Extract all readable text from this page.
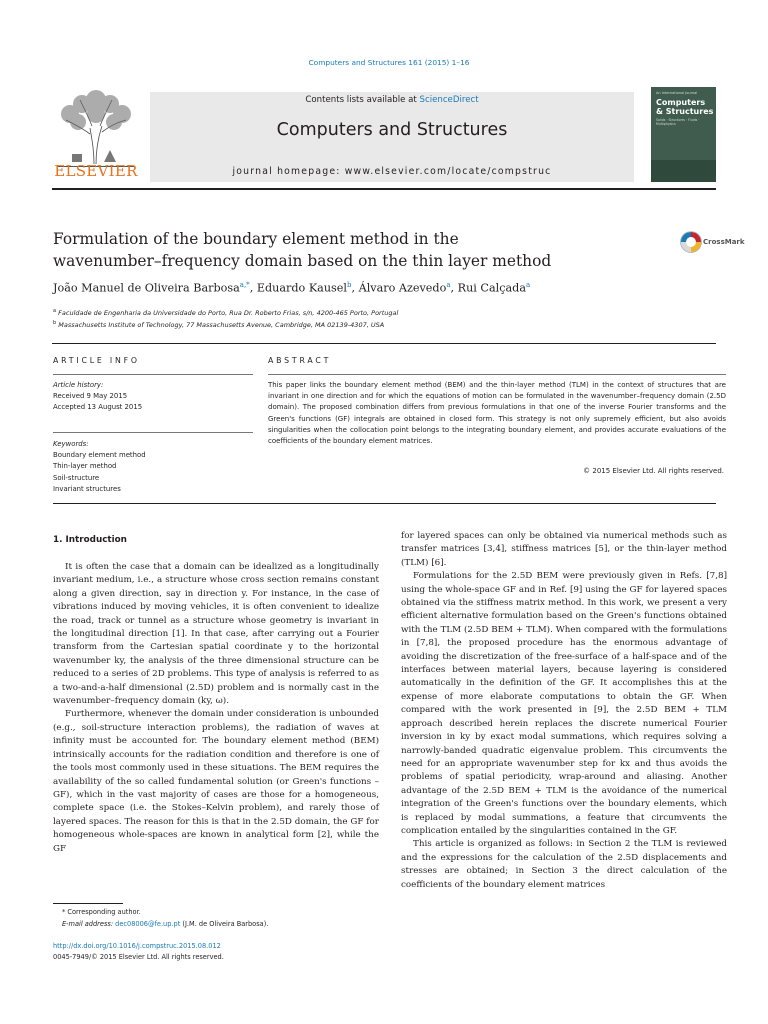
Computers and Structures 161 (2015) 1–16
ELSEVIER
Contents lists available at ScienceDirect
Computers and Structures
journal homepage: www.elsevier.com/locate/compstruc
An International Journal
Computers
& Structures
Solids · Structures · Fluids · Multiphysics
Formulation of the boundary element method in the
wavenumber–frequency domain based on the thin layer method
CrossMark
João Manuel de Oliveira Barbosa$^{a,*}$, Eduardo Kausel$^b$, Álvaro Azevedo$^a$, Rui Calçada$^a$
$^a$ Faculdade de Engenharia da Universidade do Porto, Rua Dr. Roberto Frias, s/n, 4200-465 Porto, Portugal
$^b$ Massachusetts Institute of Technology, 77 Massachusetts Avenue, Cambridge, MA 02139-4307, USA
ARTICLE INFO
Article history:
Received 9 May 2015
Accepted 13 August 2015
Keywords:
Boundary element method
Thin-layer method
Soil-structure
Invariant structures
ABSTRACT
This paper links the boundary element method (BEM) and the thin-layer method (TLM) in the context of structures that are invariant in one direction and for which the equations of motion can be formulated in the wavenumber–frequency domain (2.5D domain). The proposed combination differs from previous formulations in that one of the inverse Fourier transforms and the Green's functions (GF) integrals are obtained in closed form. This strategy is not only supremely efficient, but also avoids singularities when the collocation point belongs to the integrating boundary element, and provides accurate evaluations of the coefficients of the boundary element matrices.
© 2015 Elsevier Ltd. All rights reserved.
1. Introduction

It is often the case that a domain can be idealized as a longitudinally invariant medium, i.e., a structure whose cross section remains constant along a given direction, say in direction y. For instance, in the case of vibrations induced by moving vehicles, it is often convenient to idealize the road, track or tunnel as a structure whose geometry is invariant in the longitudinal direction [1]. In that case, after carrying out a Fourier transform from the Cartesian spatial coordinate y to the horizontal wavenumber ky, the analysis of the three dimensional structure can be reduced to a series of 2D problems. This type of analysis is referred to as a two-and-a-half dimensional (2.5D) problem and is normally cast in the wavenumber–frequency domain (ky, ω).

Furthermore, whenever the domain under consideration is unbounded (e.g., soil-structure interaction problems), the radiation of waves at infinity must be accounted for. The boundary element method (BEM) intrinsically accounts for the radiation condition and therefore is one of the tools most commonly used in these situations. The BEM requires the availability of the so called fundamental solution (or Green's functions – GF), which in the vast majority of cases are those for a homogeneous, complete space (i.e. the Stokes–Kelvin problem), and rarely those of layered spaces. The reason for this is that in the 2.5D domain, the GF for homogeneous whole-spaces are known in analytical form [2], while the GF

for layered spaces can only be obtained via numerical methods such as transfer matrices [3,4], stiffness matrices [5], or the thin-layer method (TLM) [6].

Formulations for the 2.5D BEM were previously given in Refs. [7,8] using the whole-space GF and in Ref. [9] using the GF for layered spaces obtained via the stiffness matrix method. In this work, we present a very efficient alternative formulation based on the Green's functions obtained with the TLM (2.5D BEM + TLM). When compared with the formulations in [7,8], the proposed procedure has the enormous advantage of avoiding the discretization of the free-surface of a half-space and of the interfaces between material layers, because layering is considered automatically in the definition of the GF. It accomplishes this at the expense of more elaborate computations to obtain the GF. When compared with the work presented in [9], the 2.5D BEM + TLM approach described herein replaces the discrete numerical Fourier inversion in ky by exact modal summations, which requires solving a narrowly-banded quadratic eigenvalue problem. This circumvents the need for an appropriate wavenumber step for kx and thus avoids the problems of spatial periodicity, wrap-around and aliasing. Another advantage of the 2.5D BEM + TLM is the avoidance of the numerical integration of the Green's functions over the boundary elements, which is replaced by modal summations, a feature that circumvents the complication entailed by the singularities contained in the GF.

This article is organized as follows: in Section 2 the TLM is reviewed and the expressions for the calculation of the 2.5D displacements and stresses are obtained; in Section 3 the direct calculation of the coefficients of the boundary element matrices

* Corresponding author.
E-mail address: dec08006@fe.up.pt (J.M. de Oliveira Barbosa).
http://dx.doi.org/10.1016/j.compstruc.2015.08.012
0045-7949/© 2015 Elsevier Ltd. All rights reserved.
